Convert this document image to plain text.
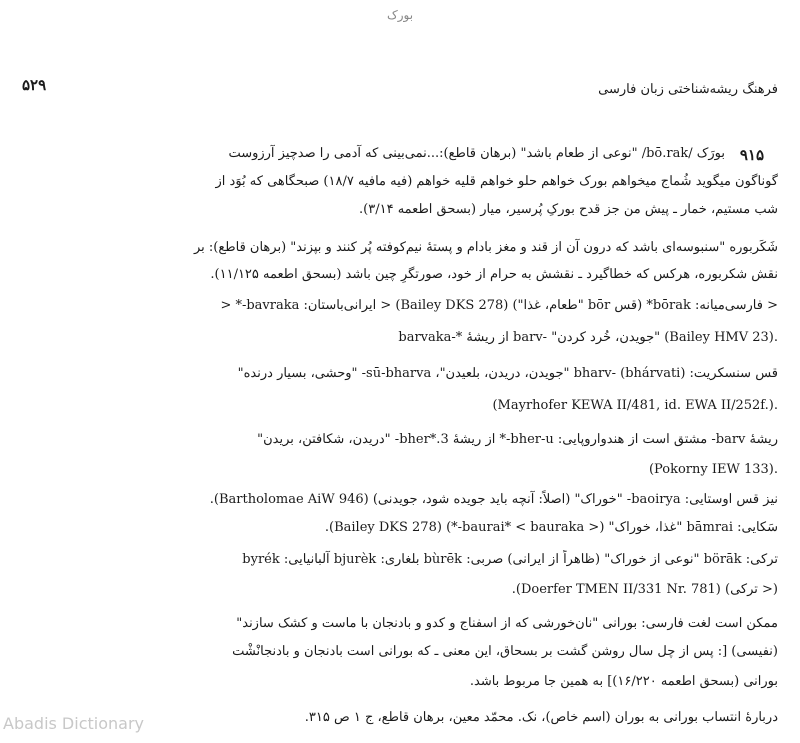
بورک
۵۲۹	فرهنگ ریشه‌شناختی زبان فارسی
۹۱۵
بورَک /bō.rak/ "نوعی از طعام باشد" (برهان قاطع):...نمی‌بینی که آدمی را صدچیز آرزوست
گوناگون میگوید شُماج میخواهم بورک خواهم حلو خواهم قلیه خواهم (فیه مافیه ۱۸/۷) صبحگاهی که بُوَد از
شب مستیم، خمار ـ پیش من جز قدح بورکِ پُرسیر، میار (بسحق اطعمه ۳/۱۴).
شَکَربوره "سنبوسه‌ای باشد که درون آن از قند و مغز بادام و پستهٔ نیم‌کوفته پُر کنند و بپزند" (برهان قاطع): بر
نقش شکربوره، هرکس که خطاگیرد ـ نقشش به حرام از خود، صورتگرِ چین باشد (بسحق اطعمه ۱۱/۱۲۵).
< فارسی‌میانه: bōrak* (قس bōr "طعام، غذا") (Bailey DKS 278) < ایرانی‌باستان: bavraka-* <
barvaka-* از ریشهٔ barv- "جویدن، خُرد کردن" (Bailey HMV 23).
قس سنسکریت: bharv- (bhárvati) "جویدن، دریدن، بلعیدن"، sū-bharva- "وحشی، بسیار درنده"
(Mayrhofer KEWA II/481, id. EWA II/252f.).
ریشهٔ barv- مشتق است از هندواروپایی: bher-u-* از ریشهٔ 3.*bher- "دریدن، شکافتن، بریدن"
(Pokorny IEW 133).
نیز قس اوستایی: baoirya- "خوراک" (اصلاً: آنچه باید جویده شود، جویدنی) (Bartholomae AiW 946).
سَکایی: bāmrai "غذا، خوراک" (< baurai* < bauraka-*) (Bailey DKS 278).
ترکی: börāk "نوعی از خوراک" (ظاهراً از ایرانی) صربی: bùrēk بلغاری: bjurèk آلبانیایی: byrék
(< ترکی) (Doerfer TMEN II/331 Nr. 781).
ممکن است لغت فارسی: بورانی "نان‌خورشی که از اسفناج و کدو و بادنجان با ماست و کشک سازند"
(نفیسی) [: پس از چل سال روشن گشت بر بسحاق، این معنی ـ که بورانی است بادنجان و بادنجانْشْت
بورانی (بسحق اطعمه ۱۶/۲۲۰)] به همین جا مربوط باشد.
دربارهٔ انتساب بورانی به بوران (اسم خاص)، نک. محمّد معین، برهان قاطع، ج ۱ ص ۳۱۵.
Abadis Dictionary
